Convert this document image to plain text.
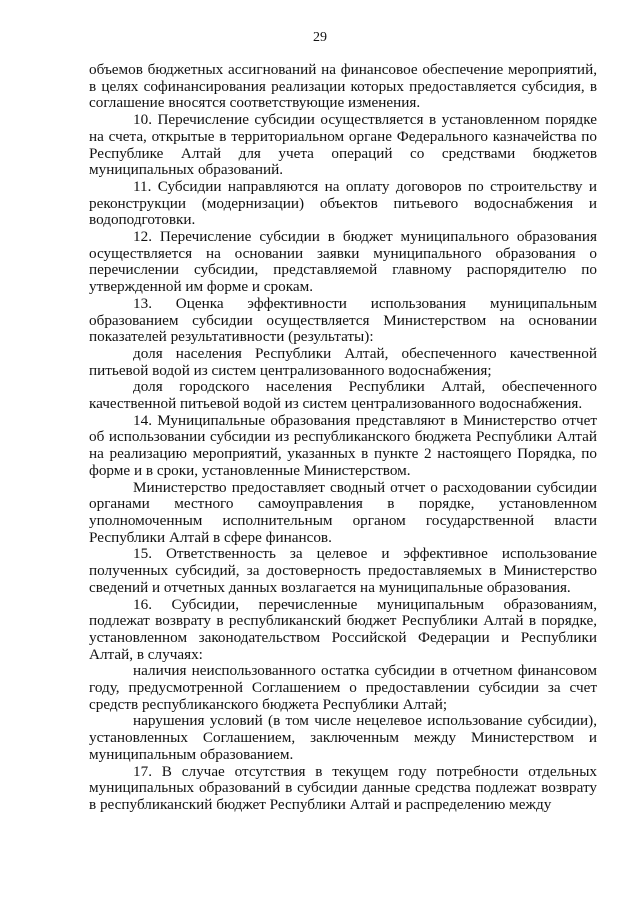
29

объемов бюджетных ассигнований на финансовое обеспечение мероприятий, в целях софинансирования реализации которых предоставляется субсидия, в соглашение вносятся соответствующие изменения.

10. Перечисление субсидии осуществляется в установленном порядке на счета, открытые в территориальном органе Федерального казначейства по Республике Алтай для учета операций со средствами бюджетов муниципальных образований.

11. Субсидии направляются на оплату договоров по строительству и реконструкции (модернизации) объектов питьевого водоснабжения и водоподготовки.

12. Перечисление субсидии в бюджет муниципального образования осуществляется на основании заявки муниципального образования о перечислении субсидии, представляемой главному распорядителю по утвержденной им форме и срокам.

13. Оценка эффективности использования муниципальным образованием субсидии осуществляется Министерством на основании показателей результативности (результаты):

доля населения Республики Алтай, обеспеченного качественной питьевой водой из систем централизованного водоснабжения;

доля городского населения Республики Алтай, обеспеченного качественной питьевой водой из систем централизованного водоснабжения.

14. Муниципальные образования представляют в Министерство отчет об использовании субсидии из республиканского бюджета Республики Алтай на реализацию мероприятий, указанных в пункте 2 настоящего Порядка, по форме и в сроки, установленные Министерством.

Министерство предоставляет сводный отчет о расходовании субсидии органами местного самоуправления в порядке, установленном уполномоченным исполнительным органом государственной власти Республики Алтай в сфере финансов.

15. Ответственность за целевое и эффективное использование полученных субсидий, за достоверность предоставляемых в Министерство сведений и отчетных данных возлагается на муниципальные образования.

16. Субсидии, перечисленные муниципальным образованиям, подлежат возврату в республиканский бюджет Республики Алтай в порядке, установленном законодательством Российской Федерации и Республики Алтай, в случаях:

наличия неиспользованного остатка субсидии в отчетном финансовом году, предусмотренной Соглашением о предоставлении субсидии за счет средств республиканского бюджета Республики Алтай;

нарушения условий (в том числе нецелевое использование субсидии), установленных Соглашением, заключенным между Министерством и муниципальным образованием.

17. В случае отсутствия в текущем году потребности отдельных муниципальных образований в субсидии данные средства подлежат возврату в республиканский бюджет Республики Алтай и распределению между
